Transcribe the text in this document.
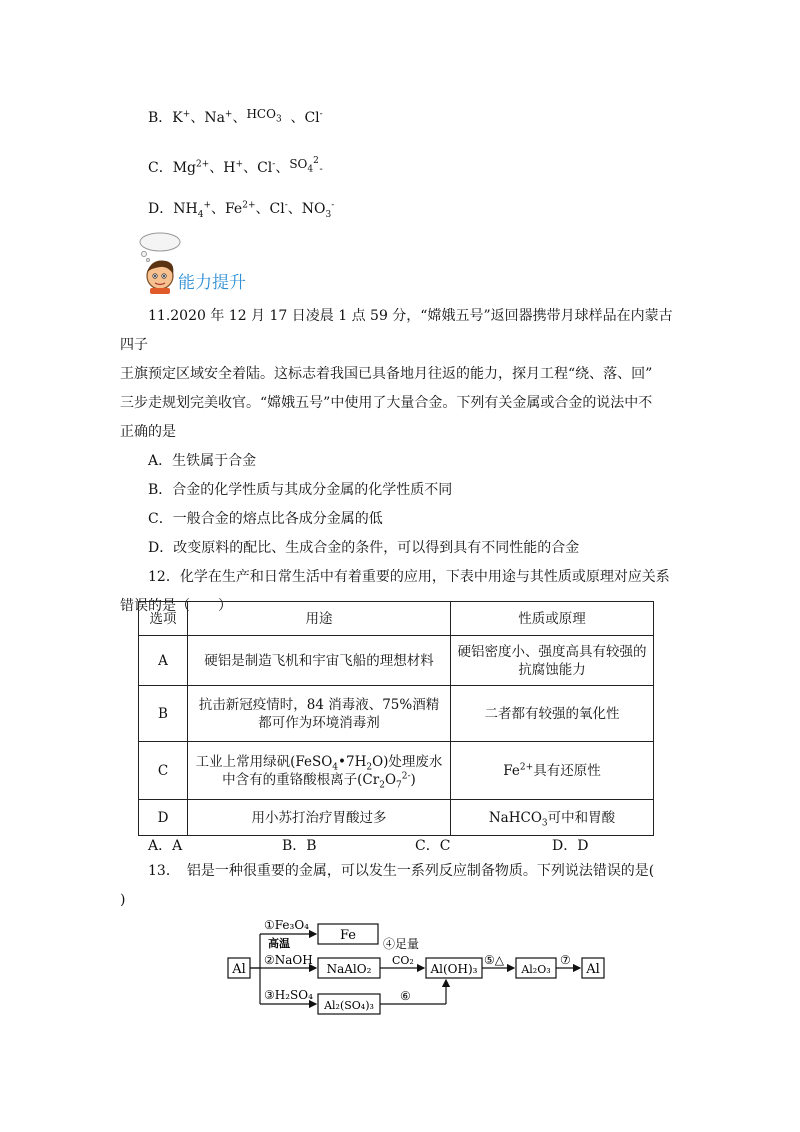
B．K+、Na+、 $HCO_3$ 、Cl-
C．$Mg^{2+}$、H+、Cl-、 $SO_4^2$
-
D．$NH_4^+$、$Fe^{2+}$、Cl-、$NO_3^-$
能力提升
11.2020 年 12 月 17 日凌晨 1 点 59 分，“嫦娥五号”返回器携带月球样品在内蒙古四子
王旗预定区域安全着陆。这标志着我国已具备地月往返的能力，探月工程“绕、落、回”
三步走规划完美收官。“嫦娥五号”中使用了大量合金。下列有关金属或合金的说法中不
正确的是
A．生铁属于合金
B．合金的化学性质与其成分金属的化学性质不同
C．一般合金的熔点比各成分金属的低
D．改变原料的配比、生成合金的条件，可以得到具有不同性能的合金
12．化学在生产和日常生活中有着重要的应用，下表中用途与其性质或原理对应关系
错误的是（　　）
选项	用途	性质或原理
A	硬铝是制造飞机和宇宙飞船的理想材料	硬铝密度小、强度高具有较强的抗腐蚀能力
B	抗击新冠疫情时，84 消毒液、75%酒精都可作为环境消毒剂	二者都有较强的氧化性
C	工业上常用绿矾$(FeSO_4•7H_2O)$处理废水中含有的重铬酸根离子$(Cr_2O_7^{2-})$	$Fe^{2+}$具有还原性
D	用小苏打治疗胃酸过多	NaHCO$_3$可中和胃酸
A．A	B．B	C．C	D．D
13．　铝是一种很重要的金属，可以发生一系列反应制备物质。下列说法错误的是(
)
Al
①Fe₃O₄
高温
Fe
②NaOH
NaAlO₂
③H₂SO₄
Al₂(SO₄)₃
④足量
CO₂
⑥
Al(OH)₃
⑤△
Al₂O₃
⑦
Al
